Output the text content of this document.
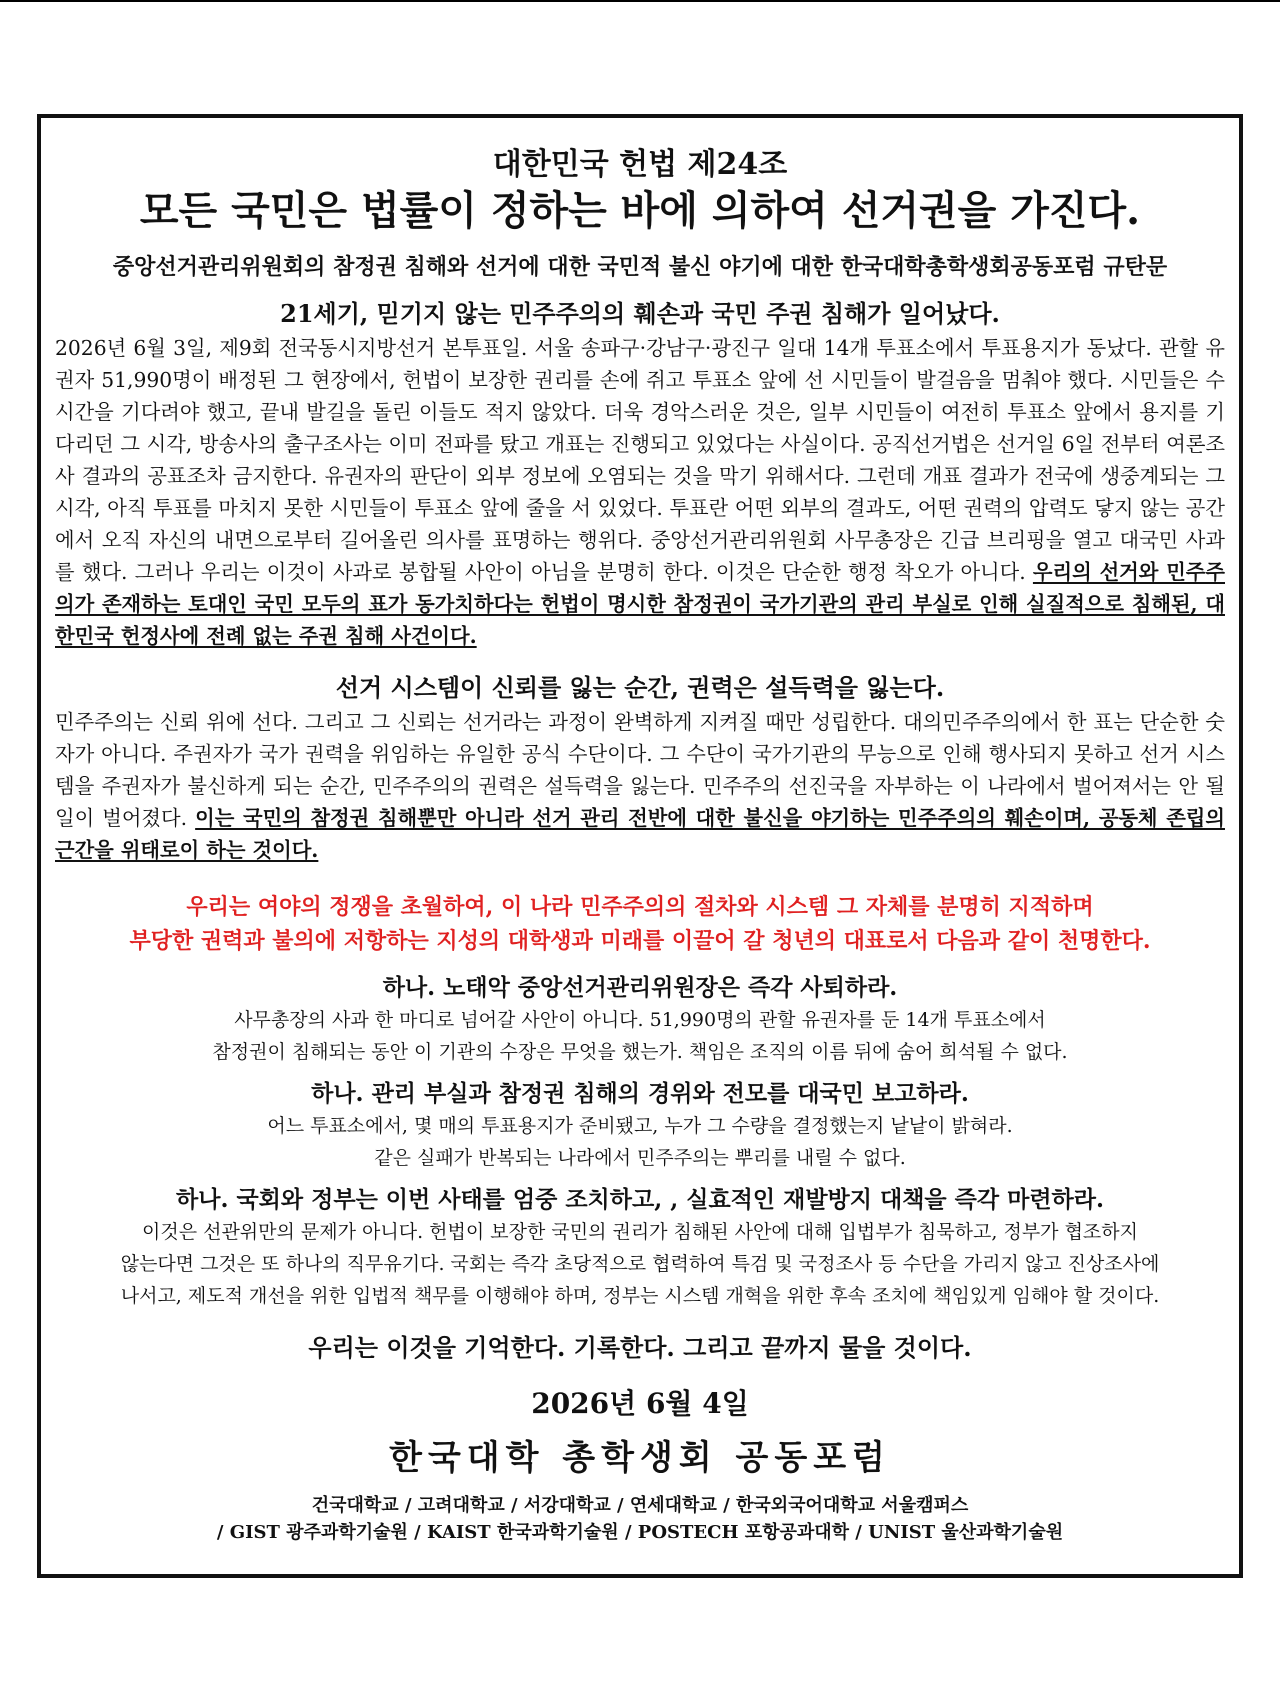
대한민국 헌법 제24조

모든 국민은 법률이 정하는 바에 의하여 선거권을 가진다.

중앙선거관리위원회의 참정권 침해와 선거에 대한 국민적 불신 야기에 대한 한국대학총학생회공동포럼 규탄문

21세기, 믿기지 않는 민주주의의 훼손과 국민 주권 침해가 일어났다.

2026년 6월 3일, 제9회 전국동시지방선거 본투표일. 서울 송파구·강남구·광진구 일대 14개 투표소에서 투표용지가 동났다. 관할 유권자 51,990명이 배정된 그 현장에서, 헌법이 보장한 권리를 손에 쥐고 투표소 앞에 선 시민들이 발걸음을 멈춰야 했다. 시민들은 수 시간을 기다려야 했고, 끝내 발길을 돌린 이들도 적지 않았다. 더욱 경악스러운 것은, 일부 시민들이 여전히 투표소 앞에서 용지를 기다리던 그 시각, 방송사의 출구조사는 이미 전파를 탔고 개표는 진행되고 있었다는 사실이다. 공직선거법은 선거일 6일 전부터 여론조사 결과의 공표조차 금지한다. 유권자의 판단이 외부 정보에 오염되는 것을 막기 위해서다. 그런데 개표 결과가 전국에 생중계되는 그 시각, 아직 투표를 마치지 못한 시민들이 투표소 앞에 줄을 서 있었다. 투표란 어떤 외부의 결과도, 어떤 권력의 압력도 닿지 않는 공간에서 오직 자신의 내면으로부터 길어올린 의사를 표명하는 행위다. 중앙선거관리위원회 사무총장은 긴급 브리핑을 열고 대국민 사과를 했다. 그러나 우리는 이것이 사과로 봉합될 사안이 아님을 분명히 한다. 이것은 단순한 행정 착오가 아니다. 우리의 선거와 민주주의가 존재하는 토대인 국민 모두의 표가 동가치하다는 헌법이 명시한 참정권이 국가기관의 관리 부실로 인해 실질적으로 침해된, 대한민국 헌정사에 전례 없는 주권 침해 사건이다.

선거 시스템이 신뢰를 잃는 순간, 권력은 설득력을 잃는다.

민주주의는 신뢰 위에 선다. 그리고 그 신뢰는 선거라는 과정이 완벽하게 지켜질 때만 성립한다. 대의민주주의에서 한 표는 단순한 숫자가 아니다. 주권자가 국가 권력을 위임하는 유일한 공식 수단이다. 그 수단이 국가기관의 무능으로 인해 행사되지 못하고 선거 시스템을 주권자가 불신하게 되는 순간, 민주주의의 권력은 설득력을 잃는다. 민주주의 선진국을 자부하는 이 나라에서 벌어져서는 안 될 일이 벌어졌다. 이는 국민의 참정권 침해뿐만 아니라 선거 관리 전반에 대한 불신을 야기하는 민주주의의 훼손이며, 공동체 존립의 근간을 위태로이 하는 것이다.

우리는 여야의 정쟁을 초월하여, 이 나라 민주주의의 절차와 시스템 그 자체를 분명히 지적하며

부당한 권력과 불의에 저항하는 지성의 대학생과 미래를 이끌어 갈 청년의 대표로서 다음과 같이 천명한다.

하나. 노태악 중앙선거관리위원장은 즉각 사퇴하라.

사무총장의 사과 한 마디로 넘어갈 사안이 아니다. 51,990명의 관할 유권자를 둔 14개 투표소에서

참정권이 침해되는 동안 이 기관의 수장은 무엇을 했는가. 책임은 조직의 이름 뒤에 숨어 희석될 수 없다.

하나. 관리 부실과 참정권 침해의 경위와 전모를 대국민 보고하라.

어느 투표소에서, 몇 매의 투표용지가 준비됐고, 누가 그 수량을 결정했는지 낱낱이 밝혀라.

같은 실패가 반복되는 나라에서 민주주의는 뿌리를 내릴 수 없다.

하나. 국회와 정부는 이번 사태를 엄중 조치하고, , 실효적인 재발방지 대책을 즉각 마련하라.

이것은 선관위만의 문제가 아니다. 헌법이 보장한 국민의 권리가 침해된 사안에 대해 입법부가 침묵하고, 정부가 협조하지

않는다면 그것은 또 하나의 직무유기다. 국회는 즉각 초당적으로 협력하여 특검 및 국정조사 등 수단을 가리지 않고 진상조사에

나서고, 제도적 개선을 위한 입법적 책무를 이행해야 하며, 정부는 시스템 개혁을 위한 후속 조치에 책임있게 임해야 할 것이다.

우리는 이것을 기억한다. 기록한다. 그리고 끝까지 물을 것이다.

2026년 6월 4일

한국대학 총학생회 공동포럼

건국대학교 / 고려대학교 / 서강대학교 / 연세대학교 / 한국외국어대학교 서울캠퍼스

/ GIST 광주과학기술원 / KAIST 한국과학기술원 / POSTECH 포항공과대학 / UNIST 울산과학기술원
